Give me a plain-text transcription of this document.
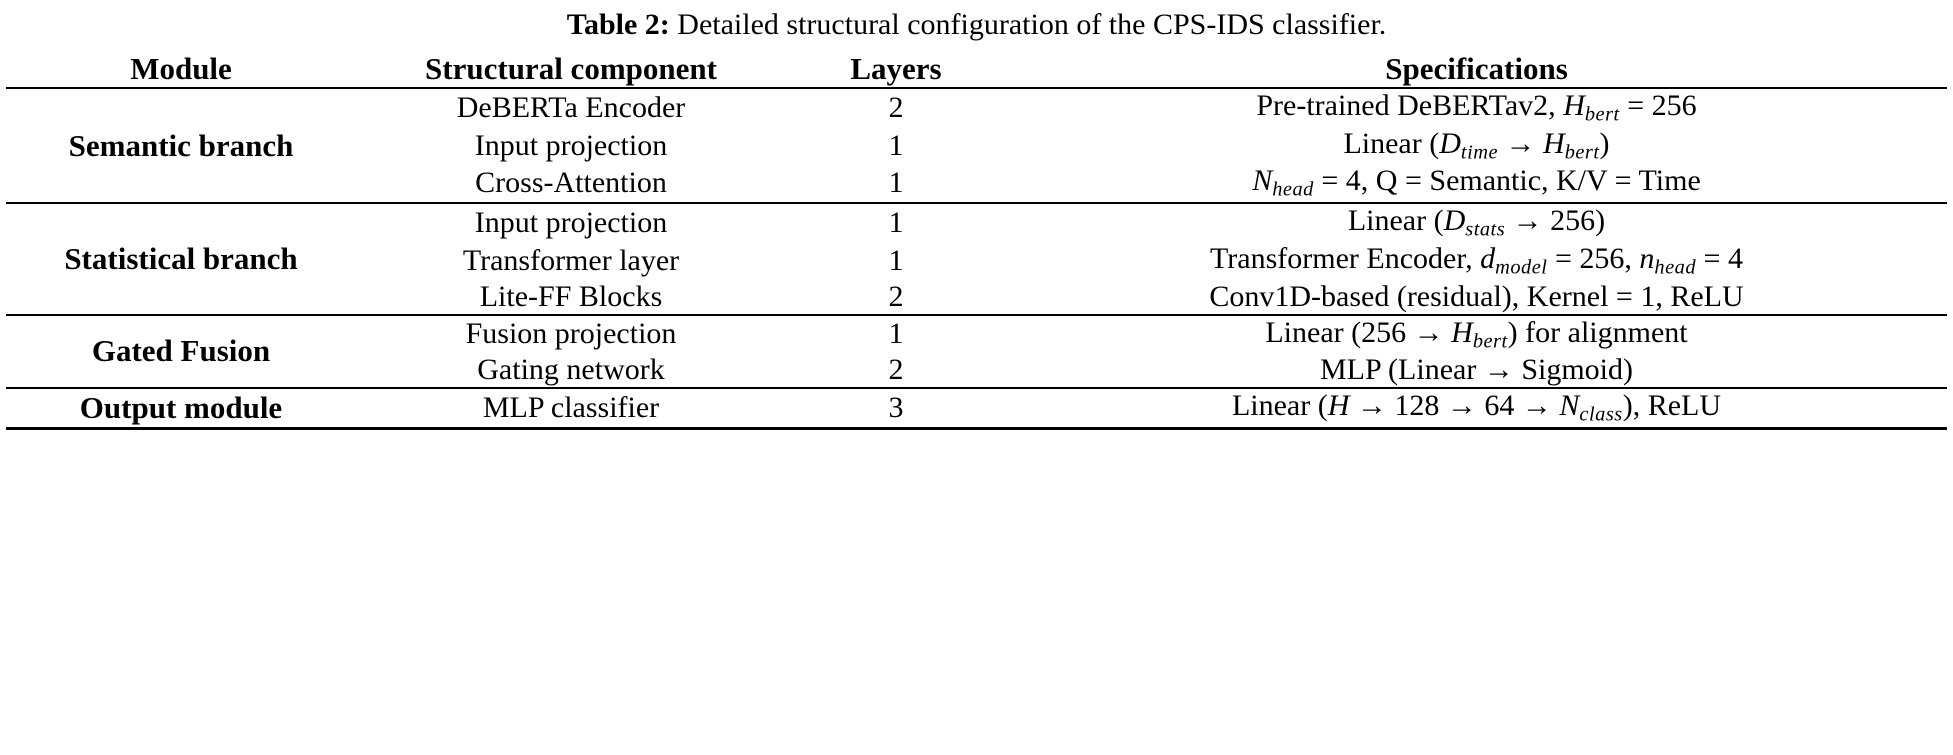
Table 2: Detailed structural configuration of the CPS-IDS classifier.
Module	Structural component	Layers	Specifications
Semantic branch	DeBERTa Encoder	2	Pre-trained DeBERTav2, $H_{bert} = 256$
	Input projection	1	Linear $(D_{time} \to H_{bert})$
	Cross-Attention	1	$N_{head} = 4$, Q = Semantic, K/V = Time
Statistical branch	Input projection	1	Linear $(D_{stats} \to 256)$
	Transformer layer	1	Transformer Encoder, $d_{model} = 256$, $n_{head} = 4$
	Lite-FF Blocks	2	Conv1D-based (residual), Kernel = 1, ReLU
Gated Fusion	Fusion projection	1	Linear $(256 \to H_{bert})$ for alignment
	Gating network	2	MLP (Linear → Sigmoid)
Output module	MLP classifier	3	Linear $(H \to 128 \to 64 \to N_{class})$, ReLU
